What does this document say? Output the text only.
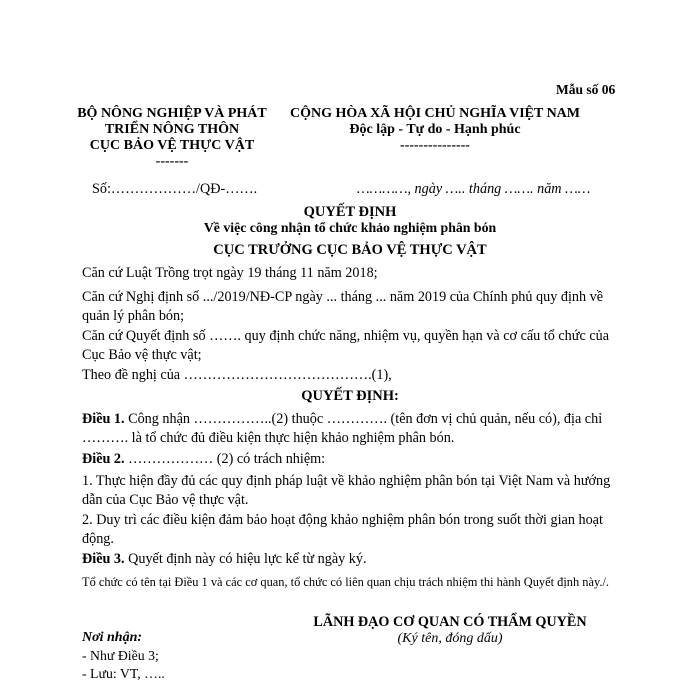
Mẫu số 06
BỘ NÔNG NGHIỆP VÀ PHÁT
TRIỂN NÔNG THÔN
CỤC BẢO VỆ THỰC VẬT
-------
CỘNG HÒA XÃ HỘI CHỦ NGHĨA VIỆT NAM
Độc lập - Tự do - Hạnh phúc
---------------
Số:………………/QĐ-…….	…………, ngày ….. tháng ……. năm ……
QUYẾT ĐỊNH
Về việc công nhận tổ chức khảo nghiệm phân bón
CỤC TRƯỞNG CỤC BẢO VỆ THỰC VẬT
Căn cứ Luật Trồng trọt ngày 19 tháng 11 năm 2018;
Căn cứ Nghị định số .../2019/NĐ-CP ngày ... tháng ... năm 2019 của Chính phủ quy định về quản lý phân bón;
Căn cứ Quyết định số ……. quy định chức năng, nhiệm vụ, quyền hạn và cơ cấu tổ chức của Cục Bảo vệ thực vật;
Theo đề nghị của ………………………………….(1),
QUYẾT ĐỊNH:
Điều 1. Công nhận ……………..(2) thuộc …………. (tên đơn vị chủ quản, nếu có), địa chỉ ………. là tổ chức đủ điều kiện thực hiện khảo nghiệm phân bón.
Điều 2. ……………… (2) có trách nhiệm:
1. Thực hiện đầy đủ các quy định pháp luật về khảo nghiệm phân bón tại Việt Nam và hướng dẫn của Cục Bảo vệ thực vật.
2. Duy trì các điều kiện đảm bảo hoạt động khảo nghiệm phân bón trong suốt thời gian hoạt động.
Điều 3. Quyết định này có hiệu lực kể từ ngày ký.
Tổ chức có tên tại Điều 1 và các cơ quan, tổ chức có liên quan chịu trách nhiệm thi hành Quyết định này./.
LÃNH ĐẠO CƠ QUAN CÓ THẨM QUYỀN
(Ký tên, đóng dấu)
Nơi nhận:
- Như Điều 3;
- Lưu: VT, …..
